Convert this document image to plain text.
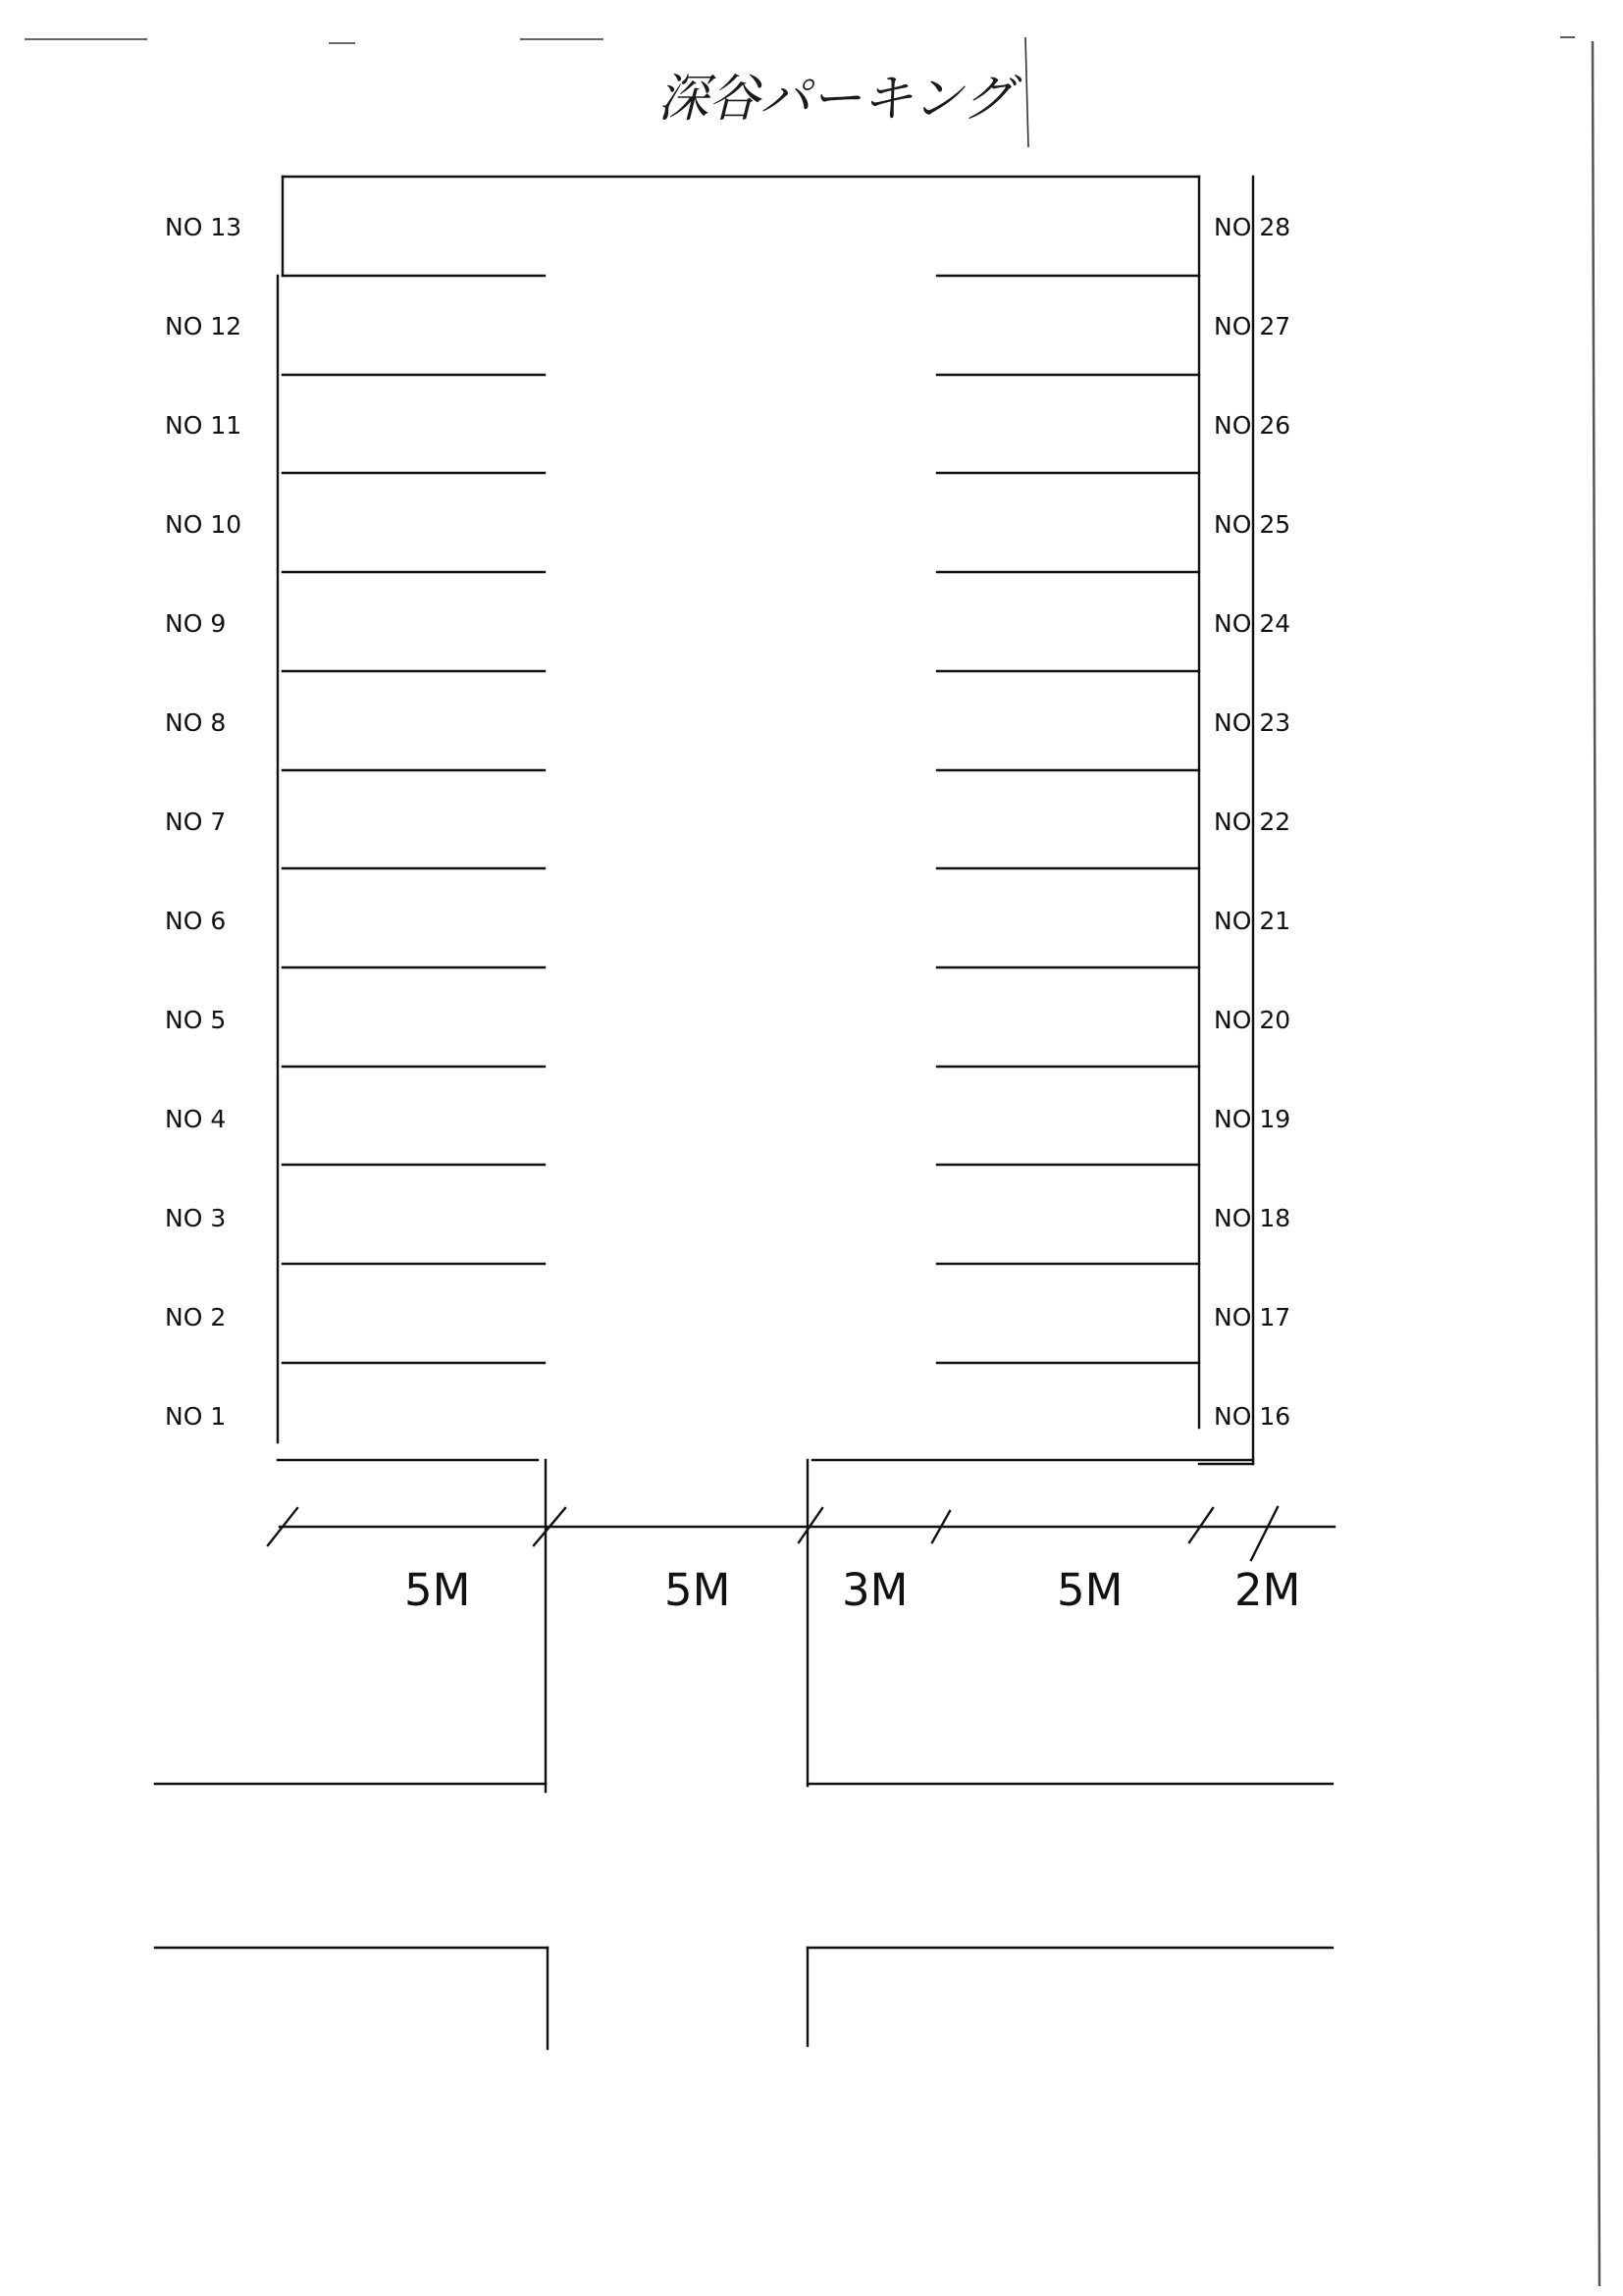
深谷パーキング
NO 13
NO 12
NO 11
NO 10
NO 9
NO 8
NO 7
NO 6
NO 5
NO 4
NO 3
NO 2
NO 1
NO 28
NO 27
NO 26
NO 25
NO 24
NO 23
NO 22
NO 21
NO 20
NO 19
NO 18
NO 17
NO 16
5M	5M	3M	5M	2M
